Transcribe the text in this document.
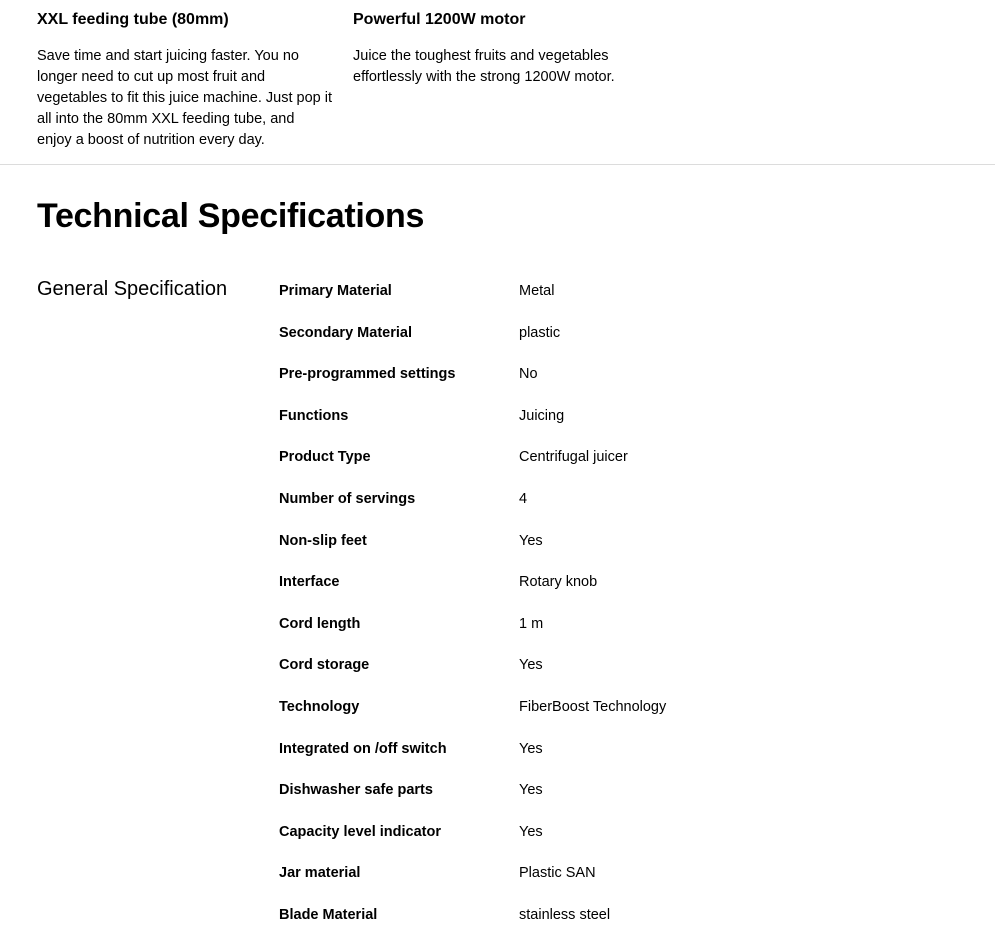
XXL feeding tube (80mm)

Save time and start juicing faster. You no longer need to cut up most fruit and vegetables to fit this juice machine. Just pop it all into the 80mm XXL feeding tube, and enjoy a boost of nutrition every day.

Powerful 1200W motor

Juice the toughest fruits and vegetables effortlessly with the strong 1200W motor.

Technical Specifications
General Specification	Primary Material	Metal
Secondary Material	plastic
Pre-programmed settings	No
Functions	Juicing
Product Type	Centrifugal juicer
Number of servings	4
Non-slip feet	Yes
Interface	Rotary knob
Cord length	1 m
Cord storage	Yes
Technology	FiberBoost Technology
Integrated on /off switch	Yes
Dishwasher safe parts	Yes
Capacity level indicator	Yes
Jar material	Plastic SAN
Blade Material	stainless steel
